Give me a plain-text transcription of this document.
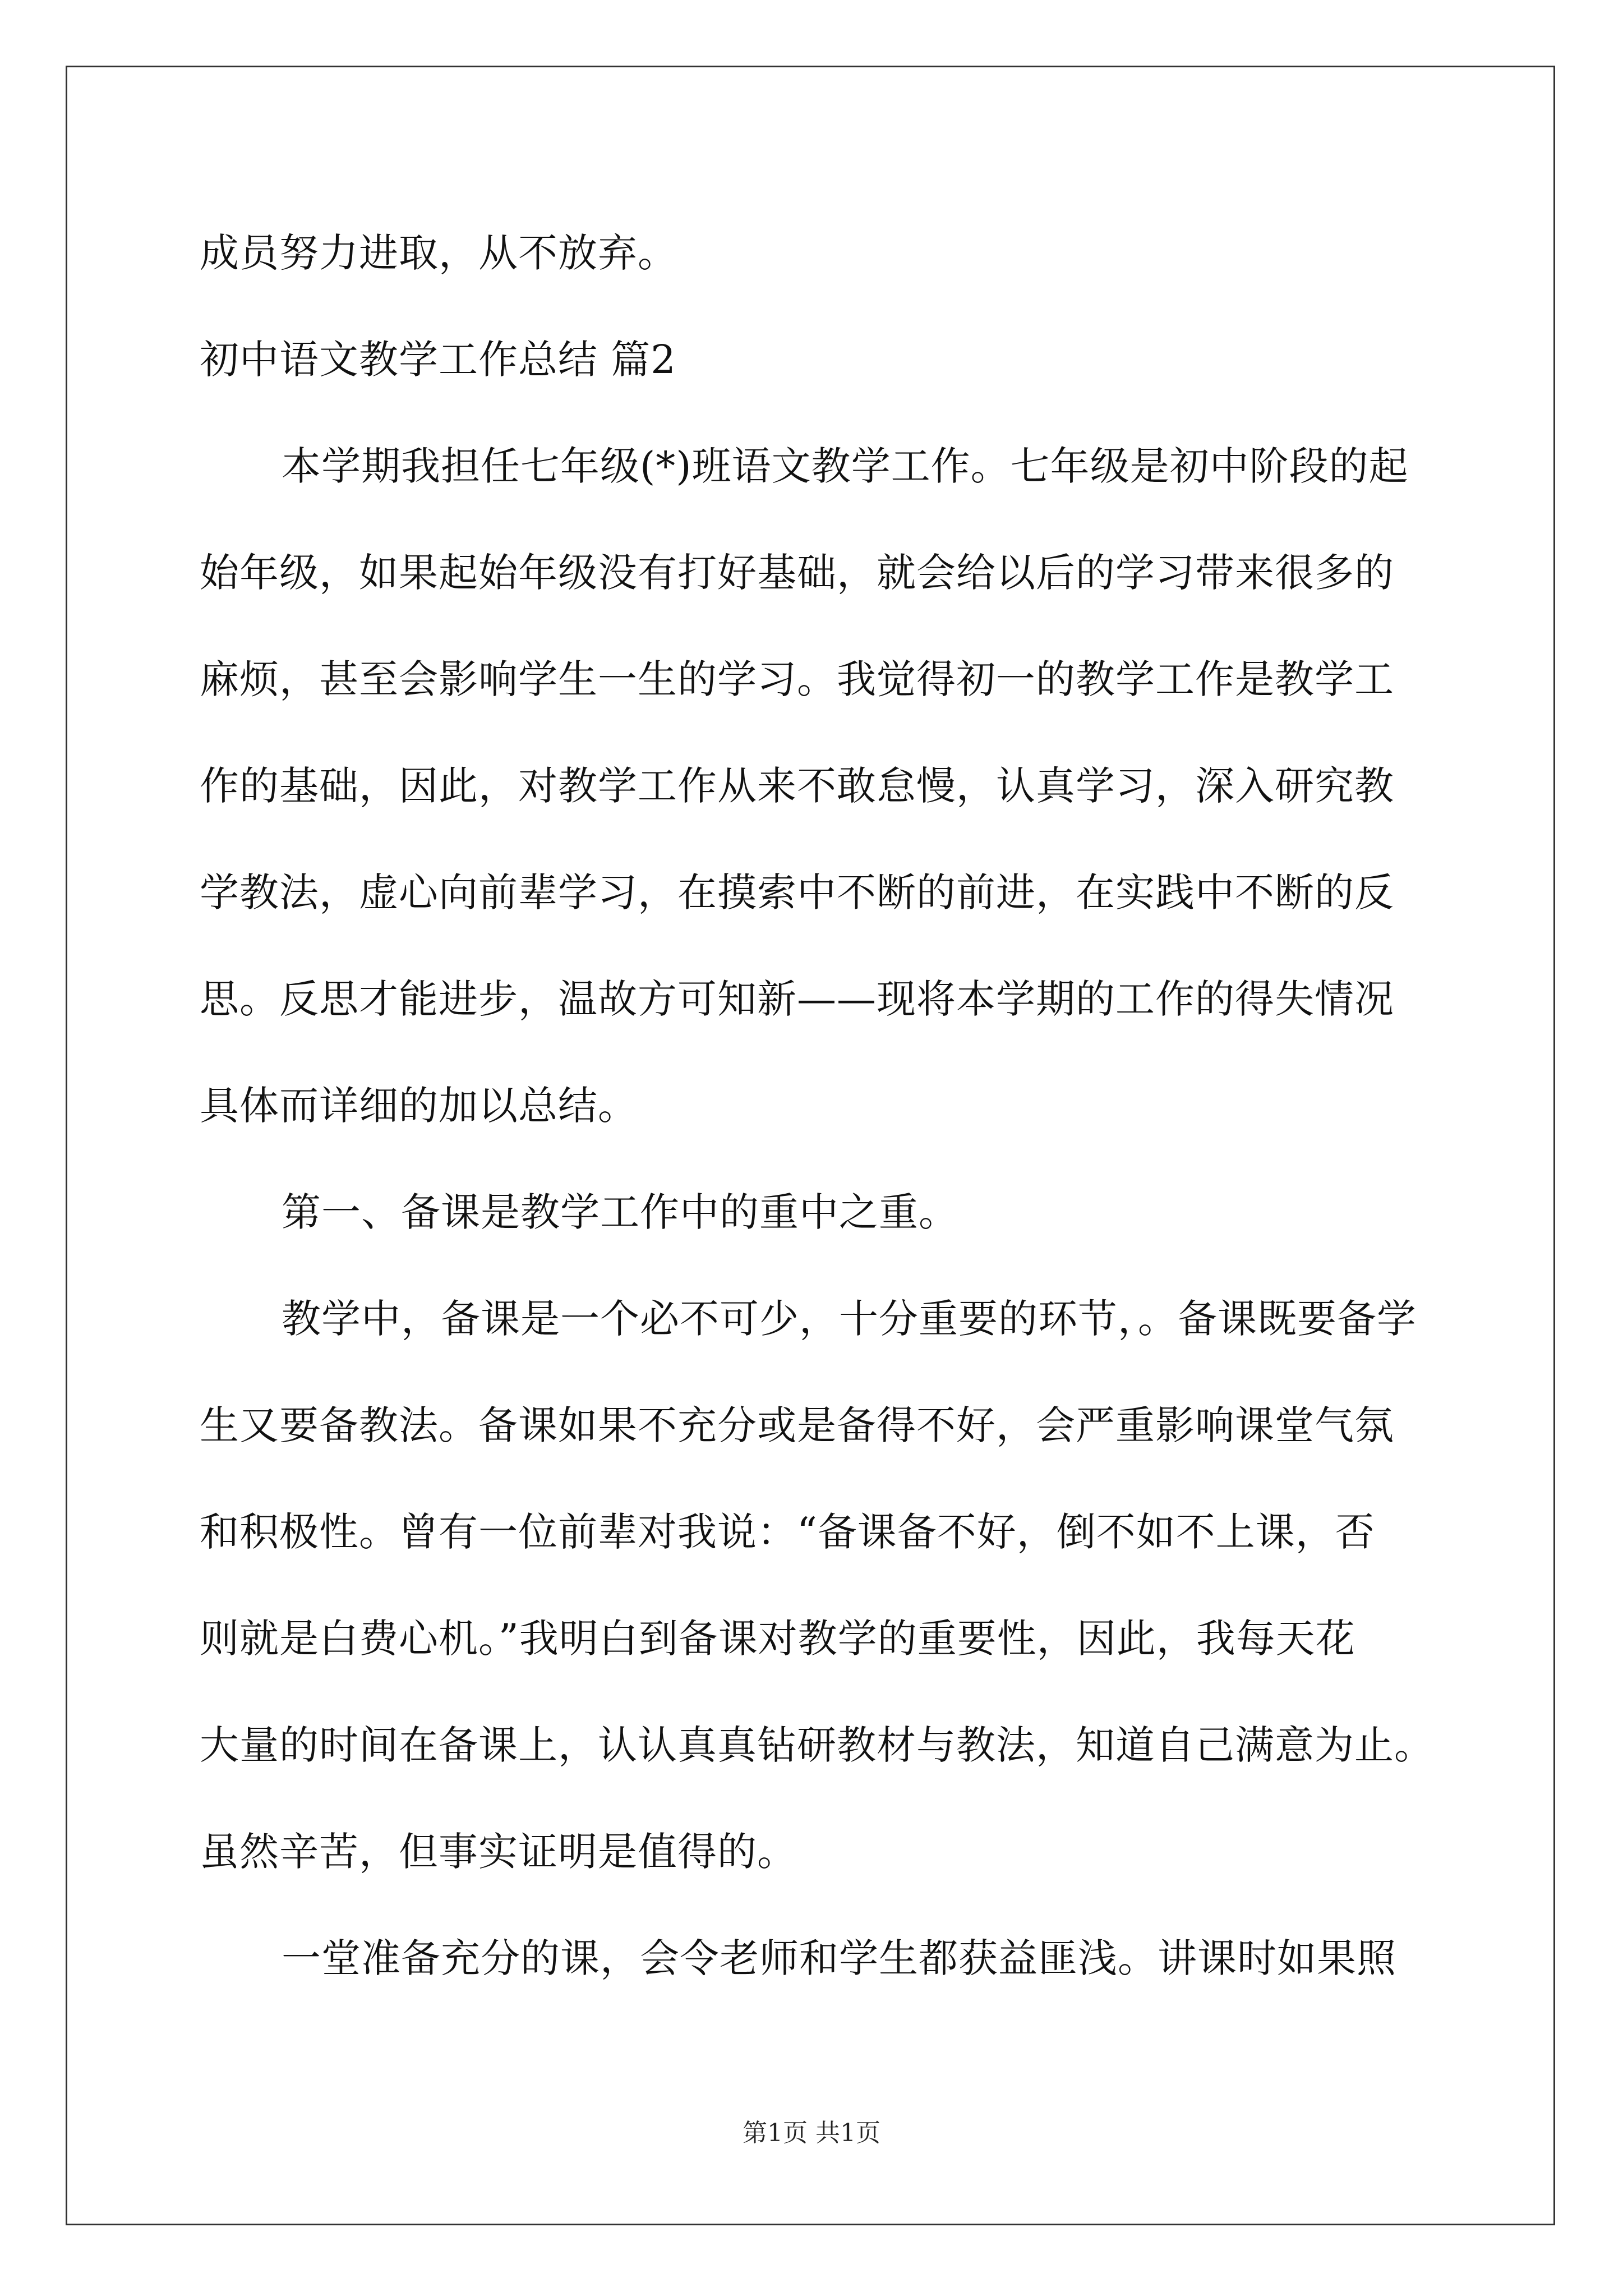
成员努力进取，从不放弃。
初中语文教学工作总结 篇2
本学期我担任七年级(*)班语文教学工作。七年级是初中阶段的起
始年级，如果起始年级没有打好基础，就会给以后的学习带来很多的
麻烦，甚至会影响学生一生的学习。我觉得初一的教学工作是教学工
作的基础，因此，对教学工作从来不敢怠慢，认真学习，深入研究教
学教法，虚心向前辈学习，在摸索中不断的前进，在实践中不断的反
思。反思才能进步，温故方可知新——现将本学期的工作的得失情况
具体而详细的加以总结。
第一、备课是教学工作中的重中之重。
教学中，备课是一个必不可少，十分重要的环节，。备课既要备学
生又要备教法。备课如果不充分或是备得不好，会严重影响课堂气氛
和积极性。曾有一位前辈对我说：“备课备不好，倒不如不上课，否
则就是白费心机。”我明白到备课对教学的重要性，因此，我每天花
大量的时间在备课上，认认真真钻研教材与教法，知道自己满意为止。
虽然辛苦，但事实证明是值得的。
一堂准备充分的课，会令老师和学生都获益匪浅。讲课时如果照
第1页 共1页
